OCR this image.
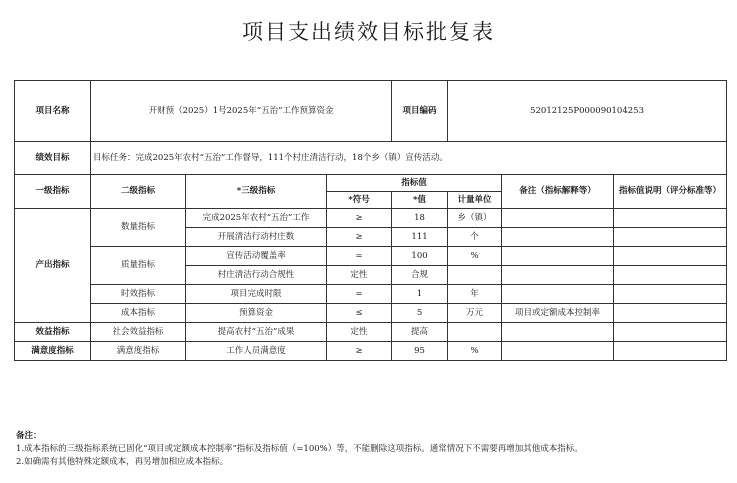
项目支出绩效目标批复表
项目名称	开财预（2025）1号2025年“五治”工作预算资金			项目编码	52012125P000090104253		
绩效目标	目标任务：完成2025年农村“五治”工作督导，111个村庄清洁行动，18个乡（镇）宣传活动。						
一级指标	二级指标	*三级指标	指标值			备注（指标解释等）	指标值说明（评分标准等）
			*符号	*值	计量单位		
产出指标	数量指标	完成2025年农村“五治”工作	≥	18	乡（镇）		
		开展清洁行动村庄数	≥	111	个		
	质量指标	宣传活动覆盖率	=	100	%		
		村庄清洁行动合规性	定性	合规			
	时效指标	项目完成时限	=	1	年		
	成本指标	预算资金	≤	5	万元	项目或定额成本控制率	
效益指标	社会效益指标	提高农村“五治”成果	定性	提高			
满意度指标	满意度指标	工作人员满意度	≥	95	%		
备注：
1.成本指标的三级指标系统已固化“项目或定额成本控制率”指标及指标值（=100%）等，不能删除这项指标。通常情况下不需要再增加其他成本指标。
2.如确需有其他特殊定额成本，再另增加相应成本指标。
